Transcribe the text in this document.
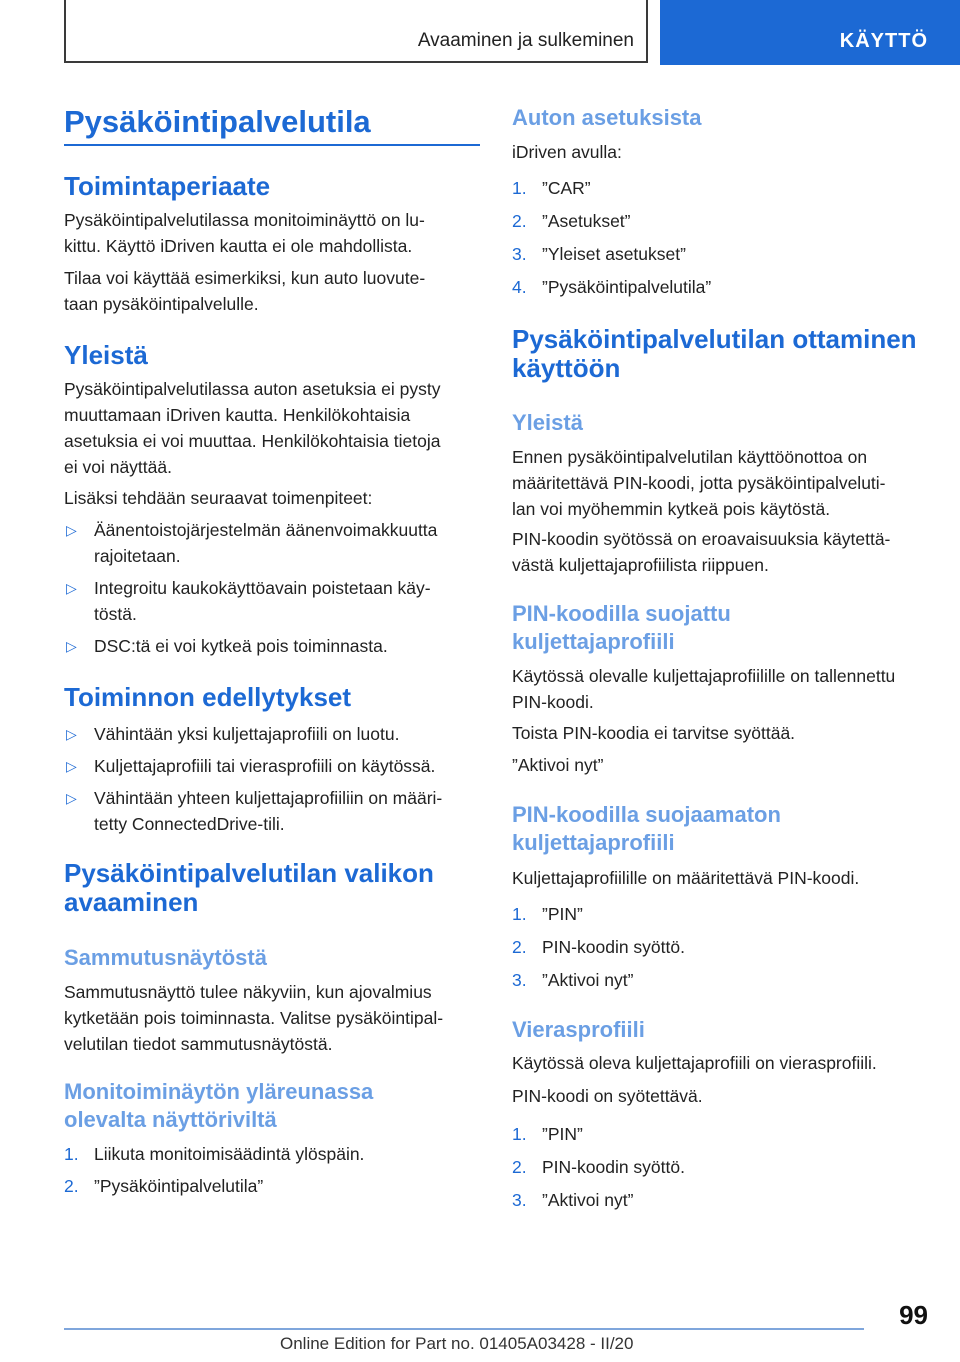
Avaaminen ja sulkeminen	KÄYTTÖ
Pysäköintipalvelutila
Toimintaperiaate
Pysäköintipalvelutilassa monitoiminäyttö on lu‐
kittu. Käyttö iDriven kautta ei ole mahdollista.
Tilaa voi käyttää esimerkiksi, kun auto luovute‐
taan pysäköintipalvelulle.
Yleistä
Pysäköintipalvelutilassa auton asetuksia ei pysty
muuttamaan iDriven kautta. Henkilökohtaisia
asetuksia ei voi muuttaa. Henkilökohtaisia tietoja
ei voi näyttää.
Lisäksi tehdään seuraavat toimenpiteet:
▷ Äänentoistojärjestelmän äänenvoimakkuutta
rajoitetaan.
▷ Integroitu kaukokäyttöavain poistetaan käy‐
töstä.
▷ DSC:tä ei voi kytkeä pois toiminnasta.
Toiminnon edellytykset
▷ Vähintään yksi kuljettajaprofiili on luotu.
▷ Kuljettajaprofiili tai vierasprofiili on käytössä.
▷ Vähintään yhteen kuljettajaprofiiliin on määri‐
tetty ConnectedDrive-tili.
Pysäköintipalvelutilan valikon
avaaminen
Sammutusnäytöstä
Sammutusnäyttö tulee näkyviin, kun ajovalmius
kytketään pois toiminnasta. Valitse pysäköintipal‐
velutilan tiedot sammutusnäytöstä.
Monitoiminäytön yläreunassa
olevalta näyttöriviltä
1. Liikuta monitoimisäädintä ylöspäin.
2. ”Pysäköintipalvelutila”
Auton asetuksista
iDriven avulla:
1. ”CAR”
2. ”Asetukset”
3. ”Yleiset asetukset”
4. ”Pysäköintipalvelutila”
Pysäköintipalvelutilan ottaminen
käyttöön
Yleistä
Ennen pysäköintipalvelutilan käyttöönottoa on
määritettävä PIN-koodi, jotta pysäköintipalveluti‐
lan voi myöhemmin kytkeä pois käytöstä.
PIN-koodin syötössä on eroavaisuuksia käytettä‐
västä kuljettajaprofiilista riippuen.
PIN-koodilla suojattu
kuljettajaprofiili
Käytössä olevalle kuljettajaprofiilille on tallennettu
PIN-koodi.
Toista PIN-koodia ei tarvitse syöttää.
”Aktivoi nyt”
PIN-koodilla suojaamaton
kuljettajaprofiili
Kuljettajaprofiilille on määritettävä PIN-koodi.
1. ”PIN”
2. PIN-koodin syöttö.
3. ”Aktivoi nyt”
Vierasprofiili
Käytössä oleva kuljettajaprofiili on vierasprofiili.
PIN-koodi on syötettävä.
1. ”PIN”
2. PIN-koodin syöttö.
3. ”Aktivoi nyt”
99
Online Edition for Part no. 01405A03428 - II/20
